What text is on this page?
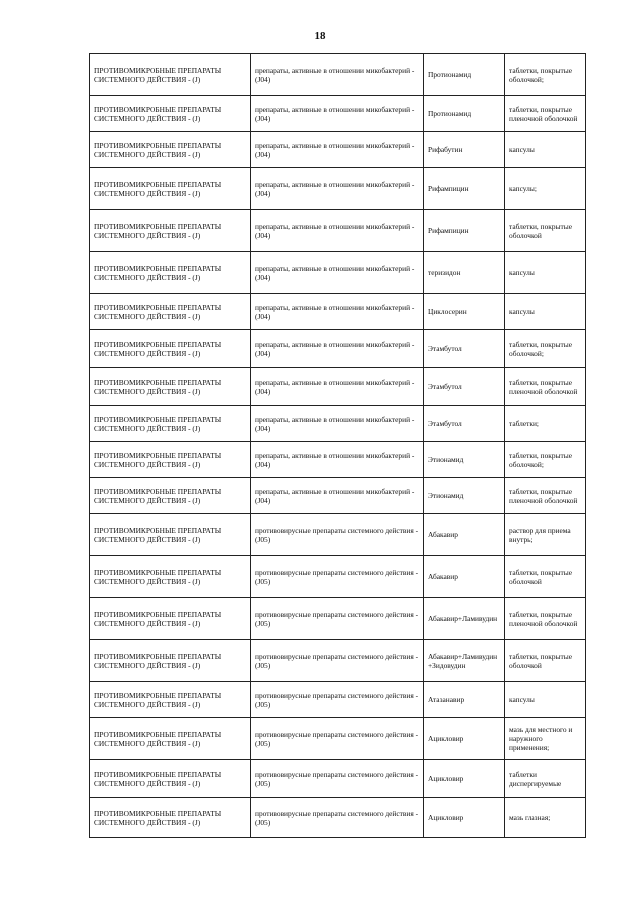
18
ПРОТИВОМИКРОБНЫЕ ПРЕПАРАТЫ СИСТЕМНОГО ДЕЙСТВИЯ - (J)	препараты, активные в отношении микобактерий - (J04)	Протионамид	таблетки, покрытые оболочкой;
ПРОТИВОМИКРОБНЫЕ ПРЕПАРАТЫ СИСТЕМНОГО ДЕЙСТВИЯ - (J)	препараты, активные в отношении микобактерий - (J04)	Протионамид	таблетки, покрытые пленочной оболочкой
ПРОТИВОМИКРОБНЫЕ ПРЕПАРАТЫ СИСТЕМНОГО ДЕЙСТВИЯ - (J)	препараты, активные в отношении микобактерий - (J04)	Рифабутин	капсулы
ПРОТИВОМИКРОБНЫЕ ПРЕПАРАТЫ СИСТЕМНОГО ДЕЙСТВИЯ - (J)	препараты, активные в отношении микобактерий - (J04)	Рифампицин	капсулы;
ПРОТИВОМИКРОБНЫЕ ПРЕПАРАТЫ СИСТЕМНОГО ДЕЙСТВИЯ - (J)	препараты, активные в отношении микобактерий - (J04)	Рифампицин	таблетки, покрытые оболочкой
ПРОТИВОМИКРОБНЫЕ ПРЕПАРАТЫ СИСТЕМНОГО ДЕЙСТВИЯ - (J)	препараты, активные в отношении микобактерий - (J04)	теризидон	капсулы
ПРОТИВОМИКРОБНЫЕ ПРЕПАРАТЫ СИСТЕМНОГО ДЕЙСТВИЯ - (J)	препараты, активные в отношении микобактерий - (J04)	Циклосерин	капсулы
ПРОТИВОМИКРОБНЫЕ ПРЕПАРАТЫ СИСТЕМНОГО ДЕЙСТВИЯ - (J)	препараты, активные в отношении микобактерий - (J04)	Этамбутол	таблетки, покрытые оболочкой;
ПРОТИВОМИКРОБНЫЕ ПРЕПАРАТЫ СИСТЕМНОГО ДЕЙСТВИЯ - (J)	препараты, активные в отношении микобактерий - (J04)	Этамбутол	таблетки, покрытые пленочной оболочкой
ПРОТИВОМИКРОБНЫЕ ПРЕПАРАТЫ СИСТЕМНОГО ДЕЙСТВИЯ - (J)	препараты, активные в отношении микобактерий - (J04)	Этамбутол	таблетки;
ПРОТИВОМИКРОБНЫЕ ПРЕПАРАТЫ СИСТЕМНОГО ДЕЙСТВИЯ - (J)	препараты, активные в отношении микобактерий - (J04)	Этионамид	таблетки, покрытые оболочкой;
ПРОТИВОМИКРОБНЫЕ ПРЕПАРАТЫ СИСТЕМНОГО ДЕЙСТВИЯ - (J)	препараты, активные в отношении микобактерий - (J04)	Этионамид	таблетки, покрытые пленочной оболочкой
ПРОТИВОМИКРОБНЫЕ ПРЕПАРАТЫ СИСТЕМНОГО ДЕЙСТВИЯ - (J)	противовирусные препараты системного действия - (J05)	Абакавир	раствор для приема внутрь;
ПРОТИВОМИКРОБНЫЕ ПРЕПАРАТЫ СИСТЕМНОГО ДЕЙСТВИЯ - (J)	противовирусные препараты системного действия - (J05)	Абакавир	таблетки, покрытые оболочкой
ПРОТИВОМИКРОБНЫЕ ПРЕПАРАТЫ СИСТЕМНОГО ДЕЙСТВИЯ - (J)	противовирусные препараты системного действия - (J05)	Абакавир+Ламивудин	таблетки, покрытые пленочной оболочкой
ПРОТИВОМИКРОБНЫЕ ПРЕПАРАТЫ СИСТЕМНОГО ДЕЙСТВИЯ - (J)	противовирусные препараты системного действия - (J05)	Абакавир+Ламивудин+Зидовудин	таблетки, покрытые оболочкой
ПРОТИВОМИКРОБНЫЕ ПРЕПАРАТЫ СИСТЕМНОГО ДЕЙСТВИЯ - (J)	противовирусные препараты системного действия - (J05)	Атазанавир	капсулы
ПРОТИВОМИКРОБНЫЕ ПРЕПАРАТЫ СИСТЕМНОГО ДЕЙСТВИЯ - (J)	противовирусные препараты системного действия - (J05)	Ацикловир	мазь для местного и наружного применения;
ПРОТИВОМИКРОБНЫЕ ПРЕПАРАТЫ СИСТЕМНОГО ДЕЙСТВИЯ - (J)	противовирусные препараты системного действия - (J05)	Ацикловир	таблетки диспергируемые
ПРОТИВОМИКРОБНЫЕ ПРЕПАРАТЫ СИСТЕМНОГО ДЕЙСТВИЯ - (J)	противовирусные препараты системного действия - (J05)	Ацикловир	мазь глазная;
